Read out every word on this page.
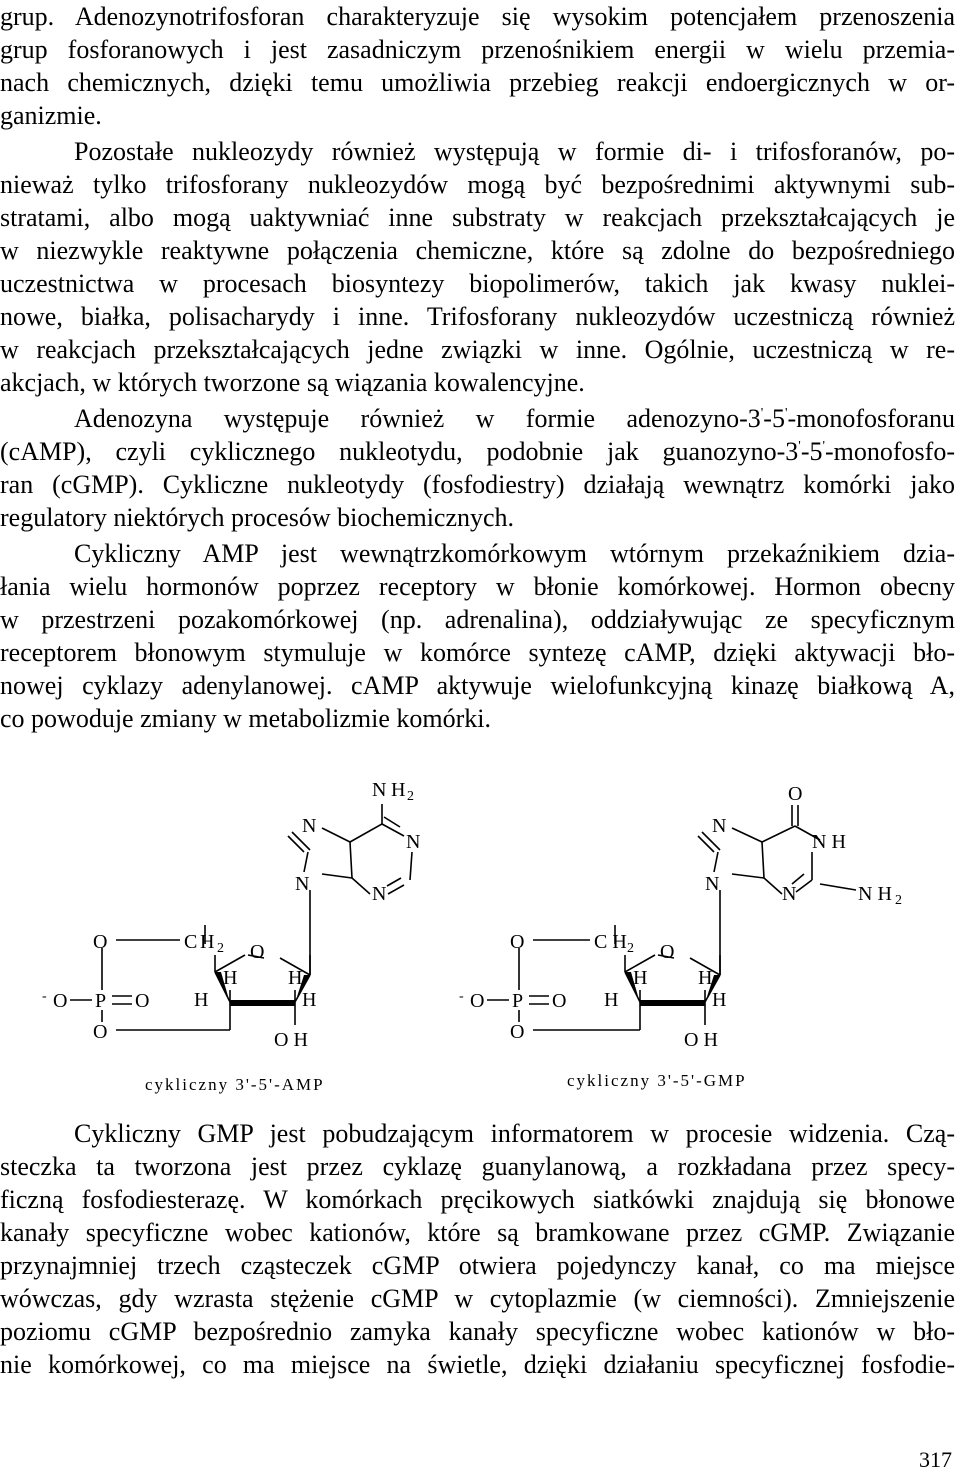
grup. Adenozynotrifosforan charakteryzuje się wysokim potencjałem przenoszenia

grup fosforanowych i jest zasadniczym przenośnikiem energii w wielu przemia-

nach chemicznych, dzięki temu umożliwia przebieg reakcji endoergicznych w or-

ganizmie.

Pozostałe nukleozydy również występują w formie di- i trifosforanów, po-

nieważ tylko trifosforany nukleozydów mogą być bezpośrednimi aktywnymi sub-

stratami, albo mogą uaktywniać inne substraty w reakcjach przekształcających je

w niezwykle reaktywne połączenia chemiczne, które są zdolne do bezpośredniego

uczestnictwa w procesach biosyntezy biopolimerów, takich jak kwasy nuklei-

nowe, białka, polisacharydy i inne. Trifosforany nukleozydów uczestniczą również

w reakcjach przekształcających jedne związki w inne. Ogólnie, uczestniczą w re-

akcjach, w których tworzone są wiązania kowalencyjne.

Adenozyna występuje również w formie adenozyno-3'-5'-monofosforanu

(cAMP), czyli cyklicznego nukleotydu, podobnie jak guanozyno-3'-5'-monofosfo-

ran (cGMP). Cykliczne nukleotydy (fosfodiestry) działają wewnątrz komórki jako

regulatory niektórych procesów biochemicznych.

Cykliczny AMP jest wewnątrzkomórkowym wtórnym przekaźnikiem dzia-

łania wielu hormonów poprzez receptory w błonie komórkowej. Hormon obecny

w przestrzeni pozakomórkowej (np. adrenalina), oddziaływując ze specyficznym

receptorem błonowym stymuluje w komórce syntezę cAMP, dzięki aktywacji bło-

nowej cyklazy adenylanowej. cAMP aktywuje wielofunkcyjną kinazę białkową A,

co powoduje zmiany w metabolizmie komórki.

N H 2
N
N
N	N
O	C H 2 O
H	H
H	H
- O P O
O	O H
cykliczny 3'-5'-AMP
O
N
N H
N	N	N H 2
O	C H 2 O
H	H
H	H
- O P O
O	O H
cykliczny 3'-5'-GMP

Cykliczny GMP jest pobudzającym informatorem w procesie widzenia. Czą-

steczka ta tworzona jest przez cyklazę guanylanową, a rozkładana przez specy-

ficzną fosfodiesterazę. W komórkach pręcikowych siatkówki znajdują się błonowe

kanały specyficzne wobec kationów, które są bramkowane przez cGMP. Związanie

przynajmniej trzech cząsteczek cGMP otwiera pojedynczy kanał, co ma miejsce

wówczas, gdy wzrasta stężenie cGMP w cytoplazmie (w ciemności). Zmniejszenie

poziomu cGMP bezpośrednio zamyka kanały specyficzne wobec kationów w bło-

nie komórkowej, co ma miejsce na świetle, dzięki działaniu specyficznej fosfodie-

317
